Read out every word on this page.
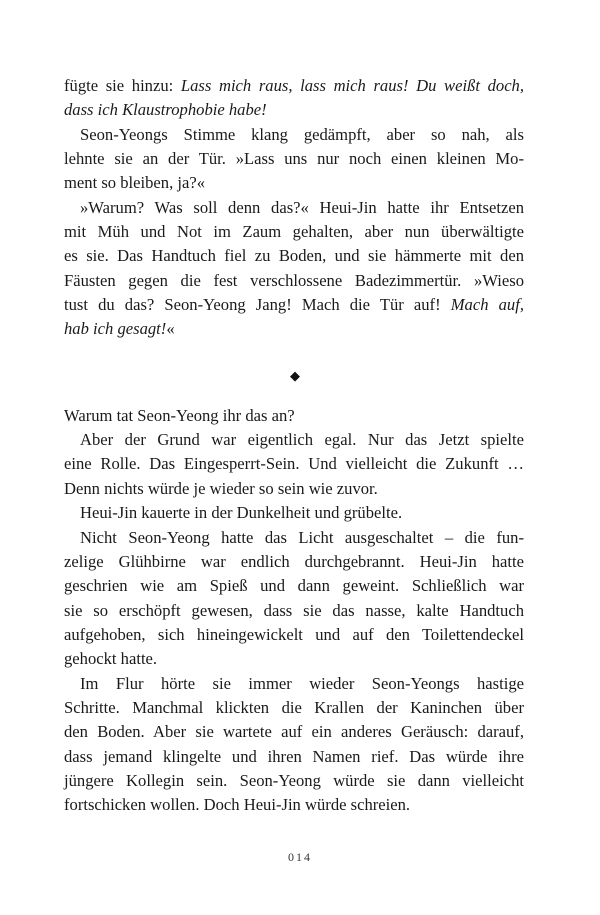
fügte sie hinzu: Lass mich raus, lass mich raus! Du weißt doch,
dass ich Klaustrophobie habe!
Seon-Yeongs Stimme klang gedämpft, aber so nah, als
lehnte sie an der Tür. »Lass uns nur noch einen kleinen Mo-
ment so bleiben, ja?«
»Warum? Was soll denn das?« Heui-Jin hatte ihr Entsetzen
mit Müh und Not im Zaum gehalten, aber nun überwältigte
es sie. Das Handtuch fiel zu Boden, und sie hämmerte mit den
Fäusten gegen die fest verschlossene Badezimmertür. »Wieso
tust du das? Seon-Yeong Jang! Mach die Tür auf! Mach auf,
hab ich gesagt!«
◆
Warum tat Seon-Yeong ihr das an?
Aber der Grund war eigentlich egal. Nur das Jetzt spielte
eine Rolle. Das Eingesperrt-Sein. Und vielleicht die Zukunft …
Denn nichts würde je wieder so sein wie zuvor.
Heui-Jin kauerte in der Dunkelheit und grübelte.
Nicht Seon-Yeong hatte das Licht ausgeschaltet – die fun-
zelige Glühbirne war endlich durchgebrannt. Heui-Jin hatte
geschrien wie am Spieß und dann geweint. Schließlich war
sie so erschöpft gewesen, dass sie das nasse, kalte Handtuch
aufgehoben, sich hineingewickelt und auf den Toilettendeckel
gehockt hatte.
Im Flur hörte sie immer wieder Seon-Yeongs hastige
Schritte. Manchmal klickten die Krallen der Kaninchen über
den Boden. Aber sie wartete auf ein anderes Geräusch: darauf,
dass jemand klingelte und ihren Namen rief. Das würde ihre
jüngere Kollegin sein. Seon-Yeong würde sie dann vielleicht
fortschicken wollen. Doch Heui-Jin würde schreien.
014
